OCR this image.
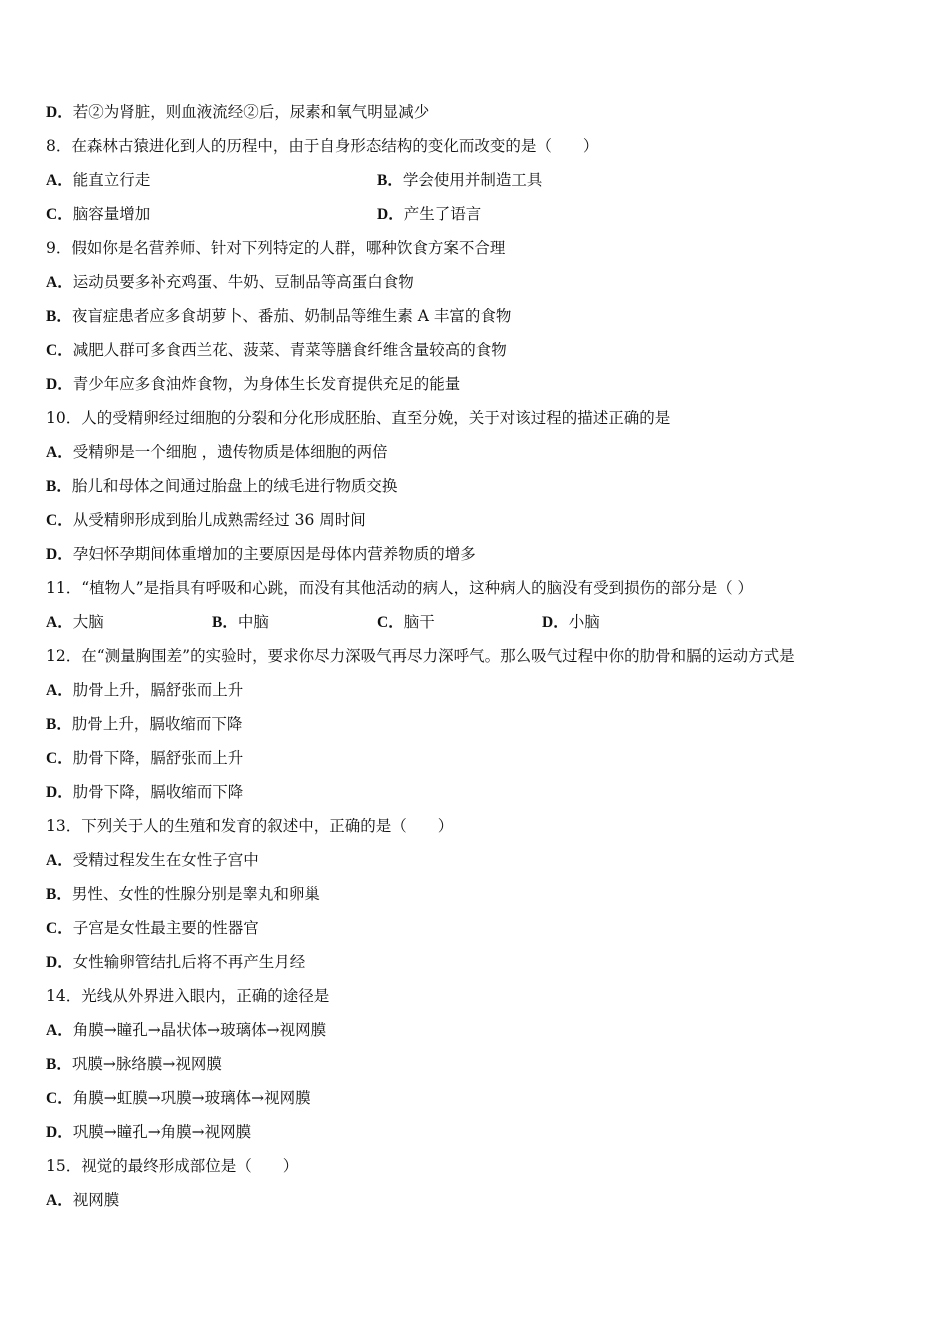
D．若②为肾脏，则血液流经②后，尿素和氧气明显减少
8．在森林古猿进化到人的历程中，由于自身形态结构的变化而改变的是（　　）
A．能直立行走	B．学会使用并制造工具
C．脑容量增加	D．产生了语言
9．假如你是名营养师、针对下列特定的人群，哪种饮食方案不合理
A．运动员要多补充鸡蛋、牛奶、豆制品等高蛋白食物
B．夜盲症患者应多食胡萝卜、番茄、奶制品等维生素 A 丰富的食物
C．减肥人群可多食西兰花、菠菜、青菜等膳食纤维含量较高的食物
D．青少年应多食油炸食物，为身体生长发育提供充足的能量
10．人的受精卵经过细胞的分裂和分化形成胚胎、直至分娩，关于对该过程的描述正确的是
A．受精卵是一个细胞 ，遗传物质是体细胞的两倍
B．胎儿和母体之间通过胎盘上的绒毛进行物质交换
C．从受精卵形成到胎儿成熟需经过 36 周时间
D．孕妇怀孕期间体重增加的主要原因是母体内营养物质的增多
11．“植物人”是指具有呼吸和心跳，而没有其他活动的病人，这种病人的脑没有受到损伤的部分是（ ）
A．大脑	B．中脑	C．脑干	D．小脑
12．在“测量胸围差”的实验时，要求你尽力深吸气再尽力深呼气。那么吸气过程中你的肋骨和膈的运动方式是
A．肋骨上升，膈舒张而上升
B．肋骨上升，膈收缩而下降
C．肋骨下降，膈舒张而上升
D．肋骨下降，膈收缩而下降
13．下列关于人的生殖和发育的叙述中，正确的是（　　）
A．受精过程发生在女性子宫中
B．男性、女性的性腺分别是睾丸和卵巢
C．子宫是女性最主要的性器官
D．女性输卵管结扎后将不再产生月经
14．光线从外界进入眼内，正确的途径是
A．角膜→瞳孔→晶状体→玻璃体→视网膜
B．巩膜→脉络膜→视网膜
C．角膜→虹膜→巩膜→玻璃体→视网膜
D．巩膜→瞳孔→角膜→视网膜
15．视觉的最终形成部位是（　　）
A．视网膜
